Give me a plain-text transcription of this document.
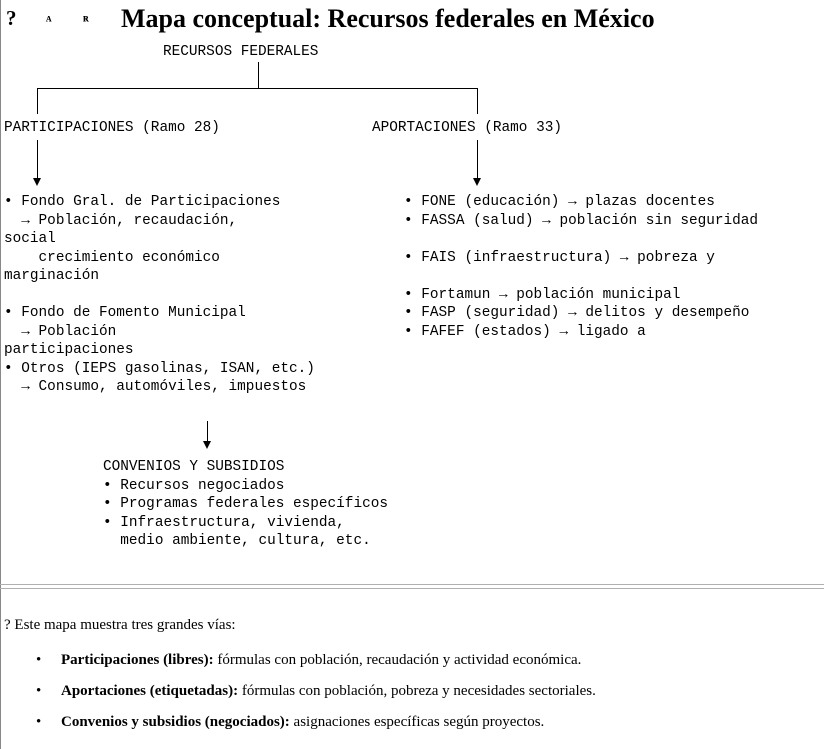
? ᴬ ᴿ Mapa conceptual: Recursos federales en México
RECURSOS FEDERALES
PARTICIPACIONES (Ramo 28)	APORTACIONES (Ramo 33)
• Fondo Gral. de Participaciones
→ Población, recaudación,
social
crecimiento económico
marginación

• Fondo de Fomento Municipal
→ Población
participaciones
• Otros (IEPS gasolinas, ISAN, etc.)
→ Consumo, automóviles, impuestos
• FONE (educación) → plazas docentes
• FASSA (salud) → población sin seguridad

• FAIS (infraestructura) → pobreza y

• Fortamun → población municipal
• FASP (seguridad) → delitos y desempeño
• FAFEF (estados) → ligado a
CONVENIOS Y SUBSIDIOS
• Recursos negociados
• Programas federales específicos
• Infraestructura, vivienda,
medio ambiente, cultura, etc.
? Este mapa muestra tres grandes vías:
• Participaciones (libres): fórmulas con población, recaudación y actividad económica.
• Aportaciones (etiquetadas): fórmulas con población, pobreza y necesidades sectoriales.
• Convenios y subsidios (negociados): asignaciones específicas según proyectos.
